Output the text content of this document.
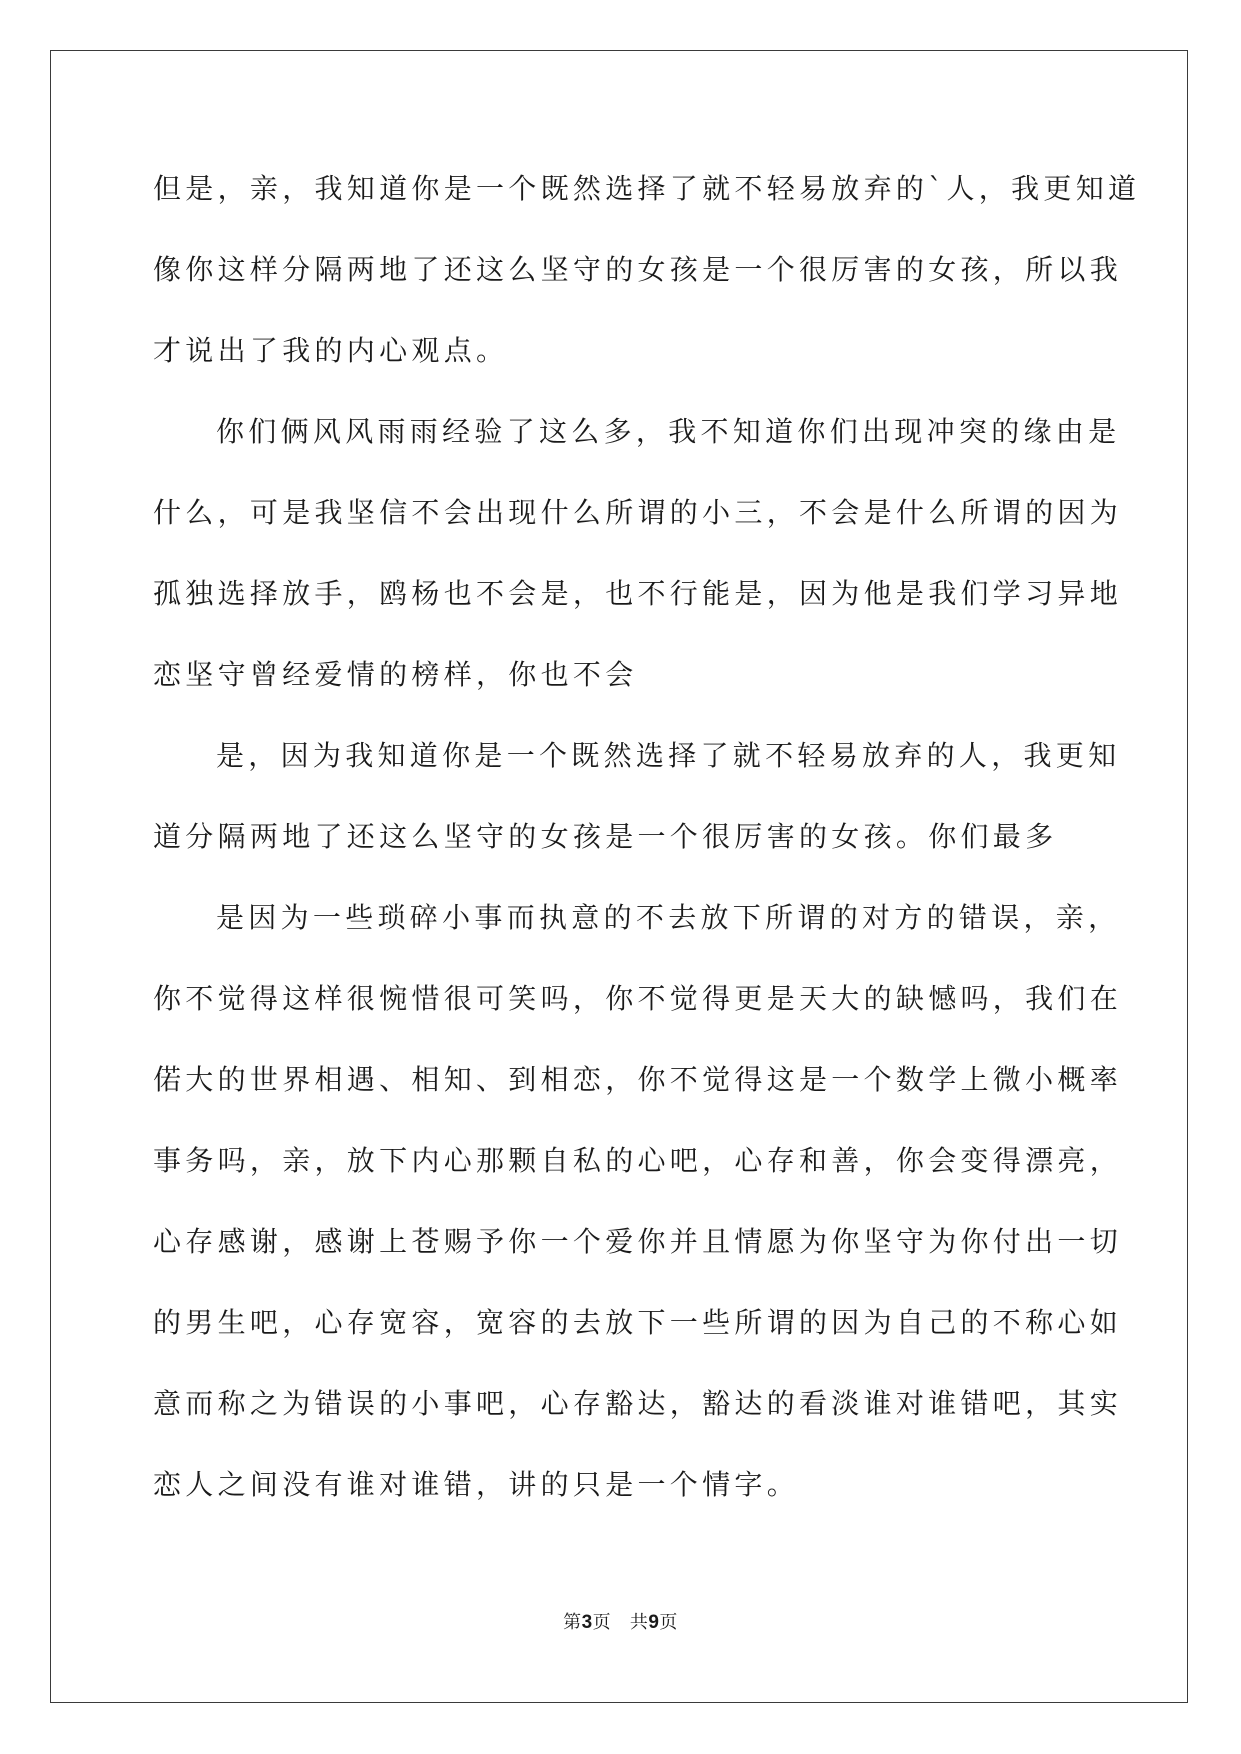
但是，亲，我知道你是一个既然选择了就不轻易放弃的`人，我更知道
像你这样分隔两地了还这么坚守的女孩是一个很厉害的女孩，所以我
才说出了我的内心观点。
你们俩风风雨雨经验了这么多，我不知道你们出现冲突的缘由是
什么，可是我坚信不会出现什么所谓的小三，不会是什么所谓的因为
孤独选择放手，鸥杨也不会是，也不行能是，因为他是我们学习异地
恋坚守曾经爱情的榜样，你也不会
是，因为我知道你是一个既然选择了就不轻易放弃的人，我更知
道分隔两地了还这么坚守的女孩是一个很厉害的女孩。你们最多
是因为一些琐碎小事而执意的不去放下所谓的对方的错误，亲，
你不觉得这样很惋惜很可笑吗，你不觉得更是天大的缺憾吗，我们在
偌大的世界相遇、相知、到相恋，你不觉得这是一个数学上微小概率
事务吗，亲，放下内心那颗自私的心吧，心存和善，你会变得漂亮，
心存感谢，感谢上苍赐予你一个爱你并且情愿为你坚守为你付出一切
的男生吧，心存宽容，宽容的去放下一些所谓的因为自己的不称心如
意而称之为错误的小事吧，心存豁达，豁达的看淡谁对谁错吧，其实
恋人之间没有谁对谁错，讲的只是一个情字。
第3页 共9页
